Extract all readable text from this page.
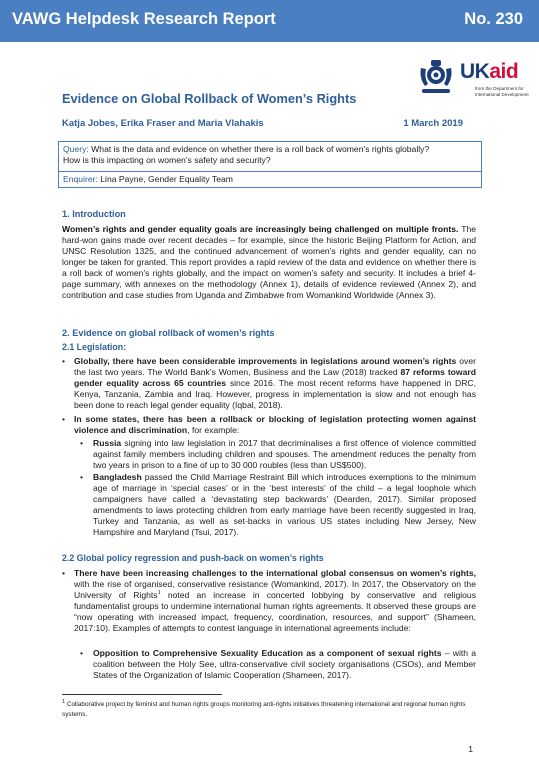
VAWG Helpdesk Research Report	No. 230
UKaid
from the Department for
International Development
Evidence on Global Rollback of Women’s Rights
Katja Jobes, Erika Fraser and Maria Vlahakis	1 March 2019
Query: What is the data and evidence on whether there is a roll back of women’s rights globally?
How is this impacting on women’s safety and security?
Enquirer: Lina Payne, Gender Equality Team
1. Introduction
Women’s rights and gender equality goals are increasingly being challenged on multiple fronts. The hard-won gains made over recent decades – for example, since the historic Beijing Platform for Action, and UNSC Resolution 1325, and the continued advancement of women’s rights and gender equality, can no longer be taken for granted. This report provides a rapid review of the data and evidence on whether there is a roll back of women’s rights globally, and the impact on women’s safety and security. It includes a brief 4-page summary, with annexes on the methodology (Annex 1), details of evidence reviewed (Annex 2), and contribution and case studies from Uganda and Zimbabwe from Womankind Worldwide (Annex 3).
2. Evidence on global rollback of women’s rights
2.1 Legislation:
• Globally, there have been considerable improvements in legislations around women’s rights over the last two years. The World Bank’s Women, Business and the Law (2018) tracked 87 reforms toward gender equality across 65 countries since 2016. The most recent reforms have happened in DRC, Kenya, Tanzania, Zambia and Iraq. However, progress in implementation is slow and not enough has been done to reach legal gender equality (Iqbal, 2018).
• In some states, there has been a rollback or blocking of legislation protecting women against violence and discrimination, for example:
• Russia signing into law legislation in 2017 that decriminalises a first offence of violence committed against family members including children and spouses. The amendment reduces the penalty from two years in prison to a fine of up to 30 000 roubles (less than US$500).
• Bangladesh passed the Child Marriage Restraint Bill which introduces exemptions to the minimum age of marriage in ‘special cases’ or in the ‘best interests’ of the child – a legal loophole which campaigners have called a ‘devastating step backwards’ (Dearden, 2017). Similar proposed amendments to laws protecting children from early marriage have been recently suggested in Iraq, Turkey and Tanzania, as well as set-backs in various US states including New Jersey, New Hampshire and Maryland (Tsui, 2017).
2.2 Global policy regression and push-back on women’s rights
• There have been increasing challenges to the international global consensus on women’s rights, with the rise of organised, conservative resistance (Womankind, 2017). In 2017, the Observatory on the University of Rights$^1$ noted an increase in concerted lobbying by conservative and religious fundamentalist groups to undermine international human rights agreements. It observed these groups are “now operating with increased impact, frequency, coordination, resources, and support” (Shameen, 2017:10). Examples of attempts to contest language in international agreements include:
• Opposition to Comprehensive Sexuality Education as a component of sexual rights – with a coalition between the Holy See, ultra-conservative civil society organisations (CSOs), and Member States of the Organization of Islamic Cooperation (Shameen, 2017).
$^1$ Collaborative project by feminist and human rights groups monitoring anti-rights initiatives threatening international and regional human rights systems.
1
